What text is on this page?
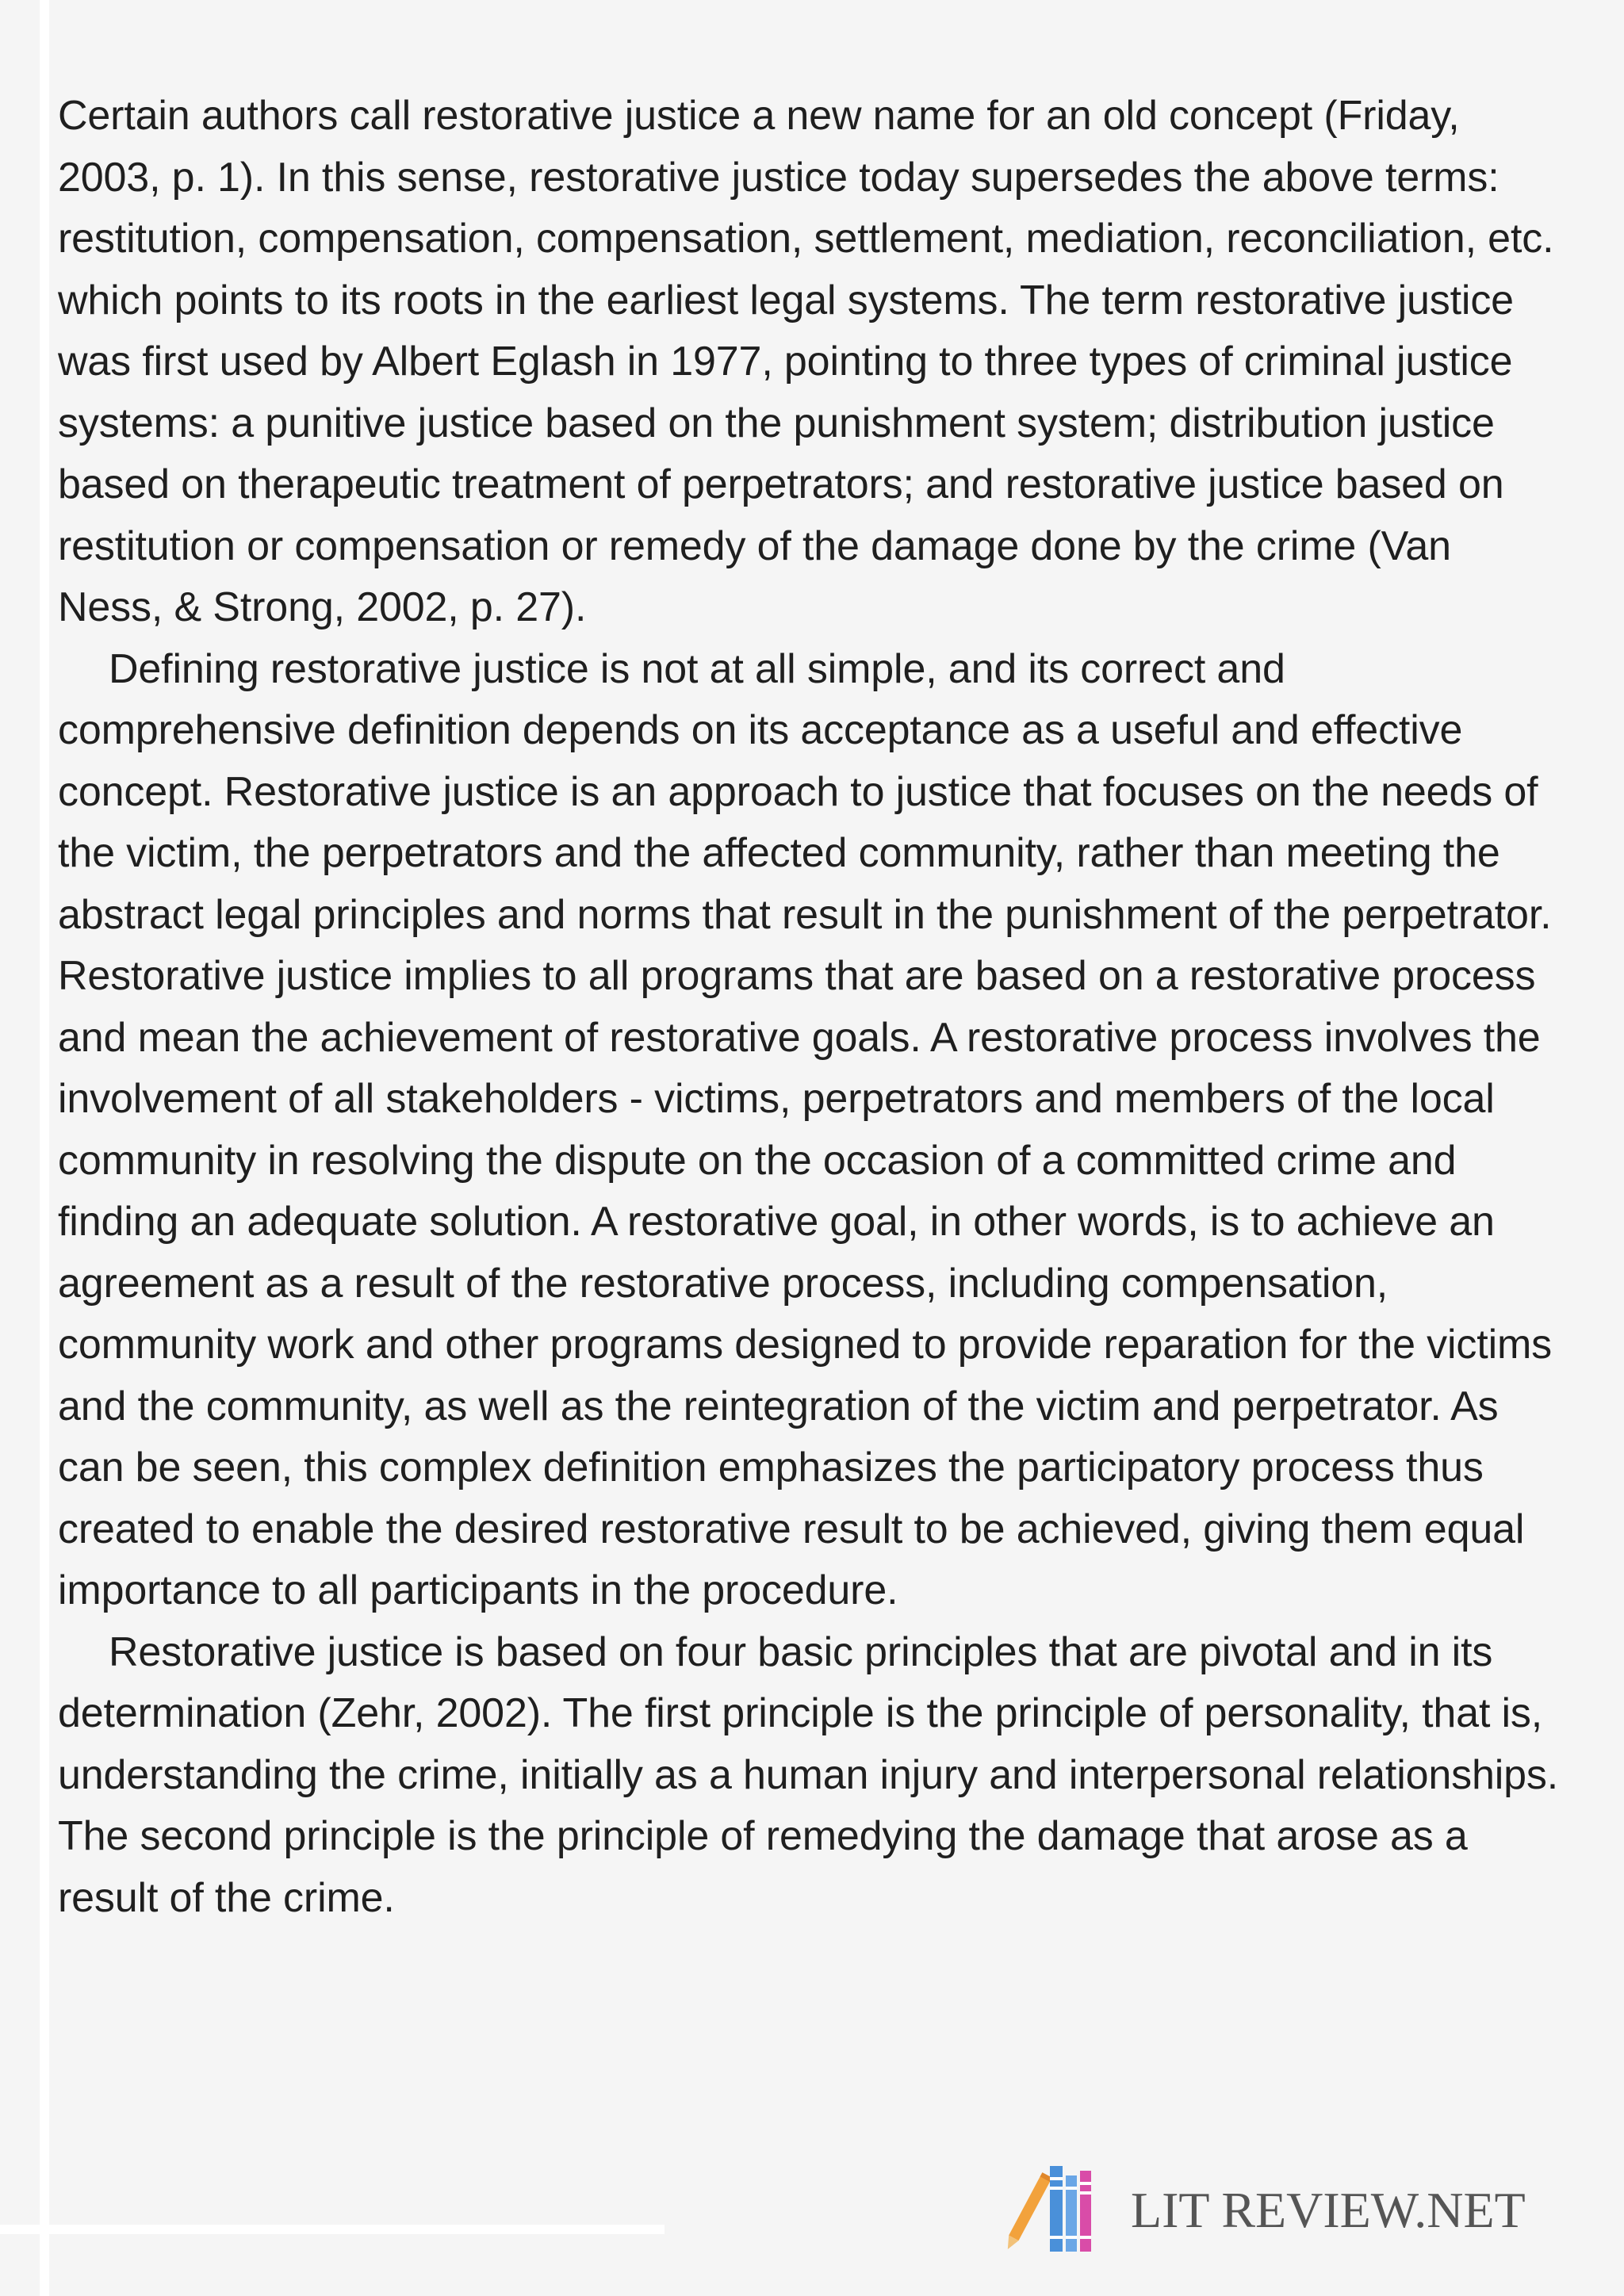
Certain authors call restorative justice a new name for an old concept (Friday, 2003, p. 1). In this sense, restorative justice today supersedes the above terms: restitution, compensation, compensation, settlement, mediation, reconciliation, etc. which points to its roots in the earliest legal systems. The term restorative justice was first used by Albert Eglash in 1977, pointing to three types of criminal justice systems: a punitive justice based on the punishment system; distribution justice based on therapeutic treatment of perpetrators; and restorative justice based on restitution or compensation or remedy of the damage done by the crime (Van Ness, & Strong, 2002, p. 27).

Defining restorative justice is not at all simple, and its correct and comprehensive definition depends on its acceptance as a useful and effective concept. Restorative justice is an approach to justice that focuses on the needs of the victim, the perpetrators and the affected community, rather than meeting the abstract legal principles and norms that result in the punishment of the perpetrator. Restorative justice implies to all programs that are based on a restorative process and mean the achievement of restorative goals. A restorative process involves the involvement of all stakeholders - victims, perpetrators and members of the local community in resolving the dispute on the occasion of a committed crime and finding an adequate solution. A restorative goal, in other words, is to achieve an agreement as a result of the restorative process, including compensation, community work and other programs designed to provide reparation for the victims and the community, as well as the reintegration of the victim and perpetrator. As can be seen, this complex definition emphasizes the participatory process thus created to enable the desired restorative result to be achieved, giving them equal importance to all participants in the procedure.

Restorative justice is based on four basic principles that are pivotal and in its determination (Zehr, 2002). The first principle is the principle of personality, that is, understanding the crime, initially as a human injury and interpersonal relationships. The second principle is the principle of remedying the damage that arose as a result of the crime.

LIT REVIEW.NET
